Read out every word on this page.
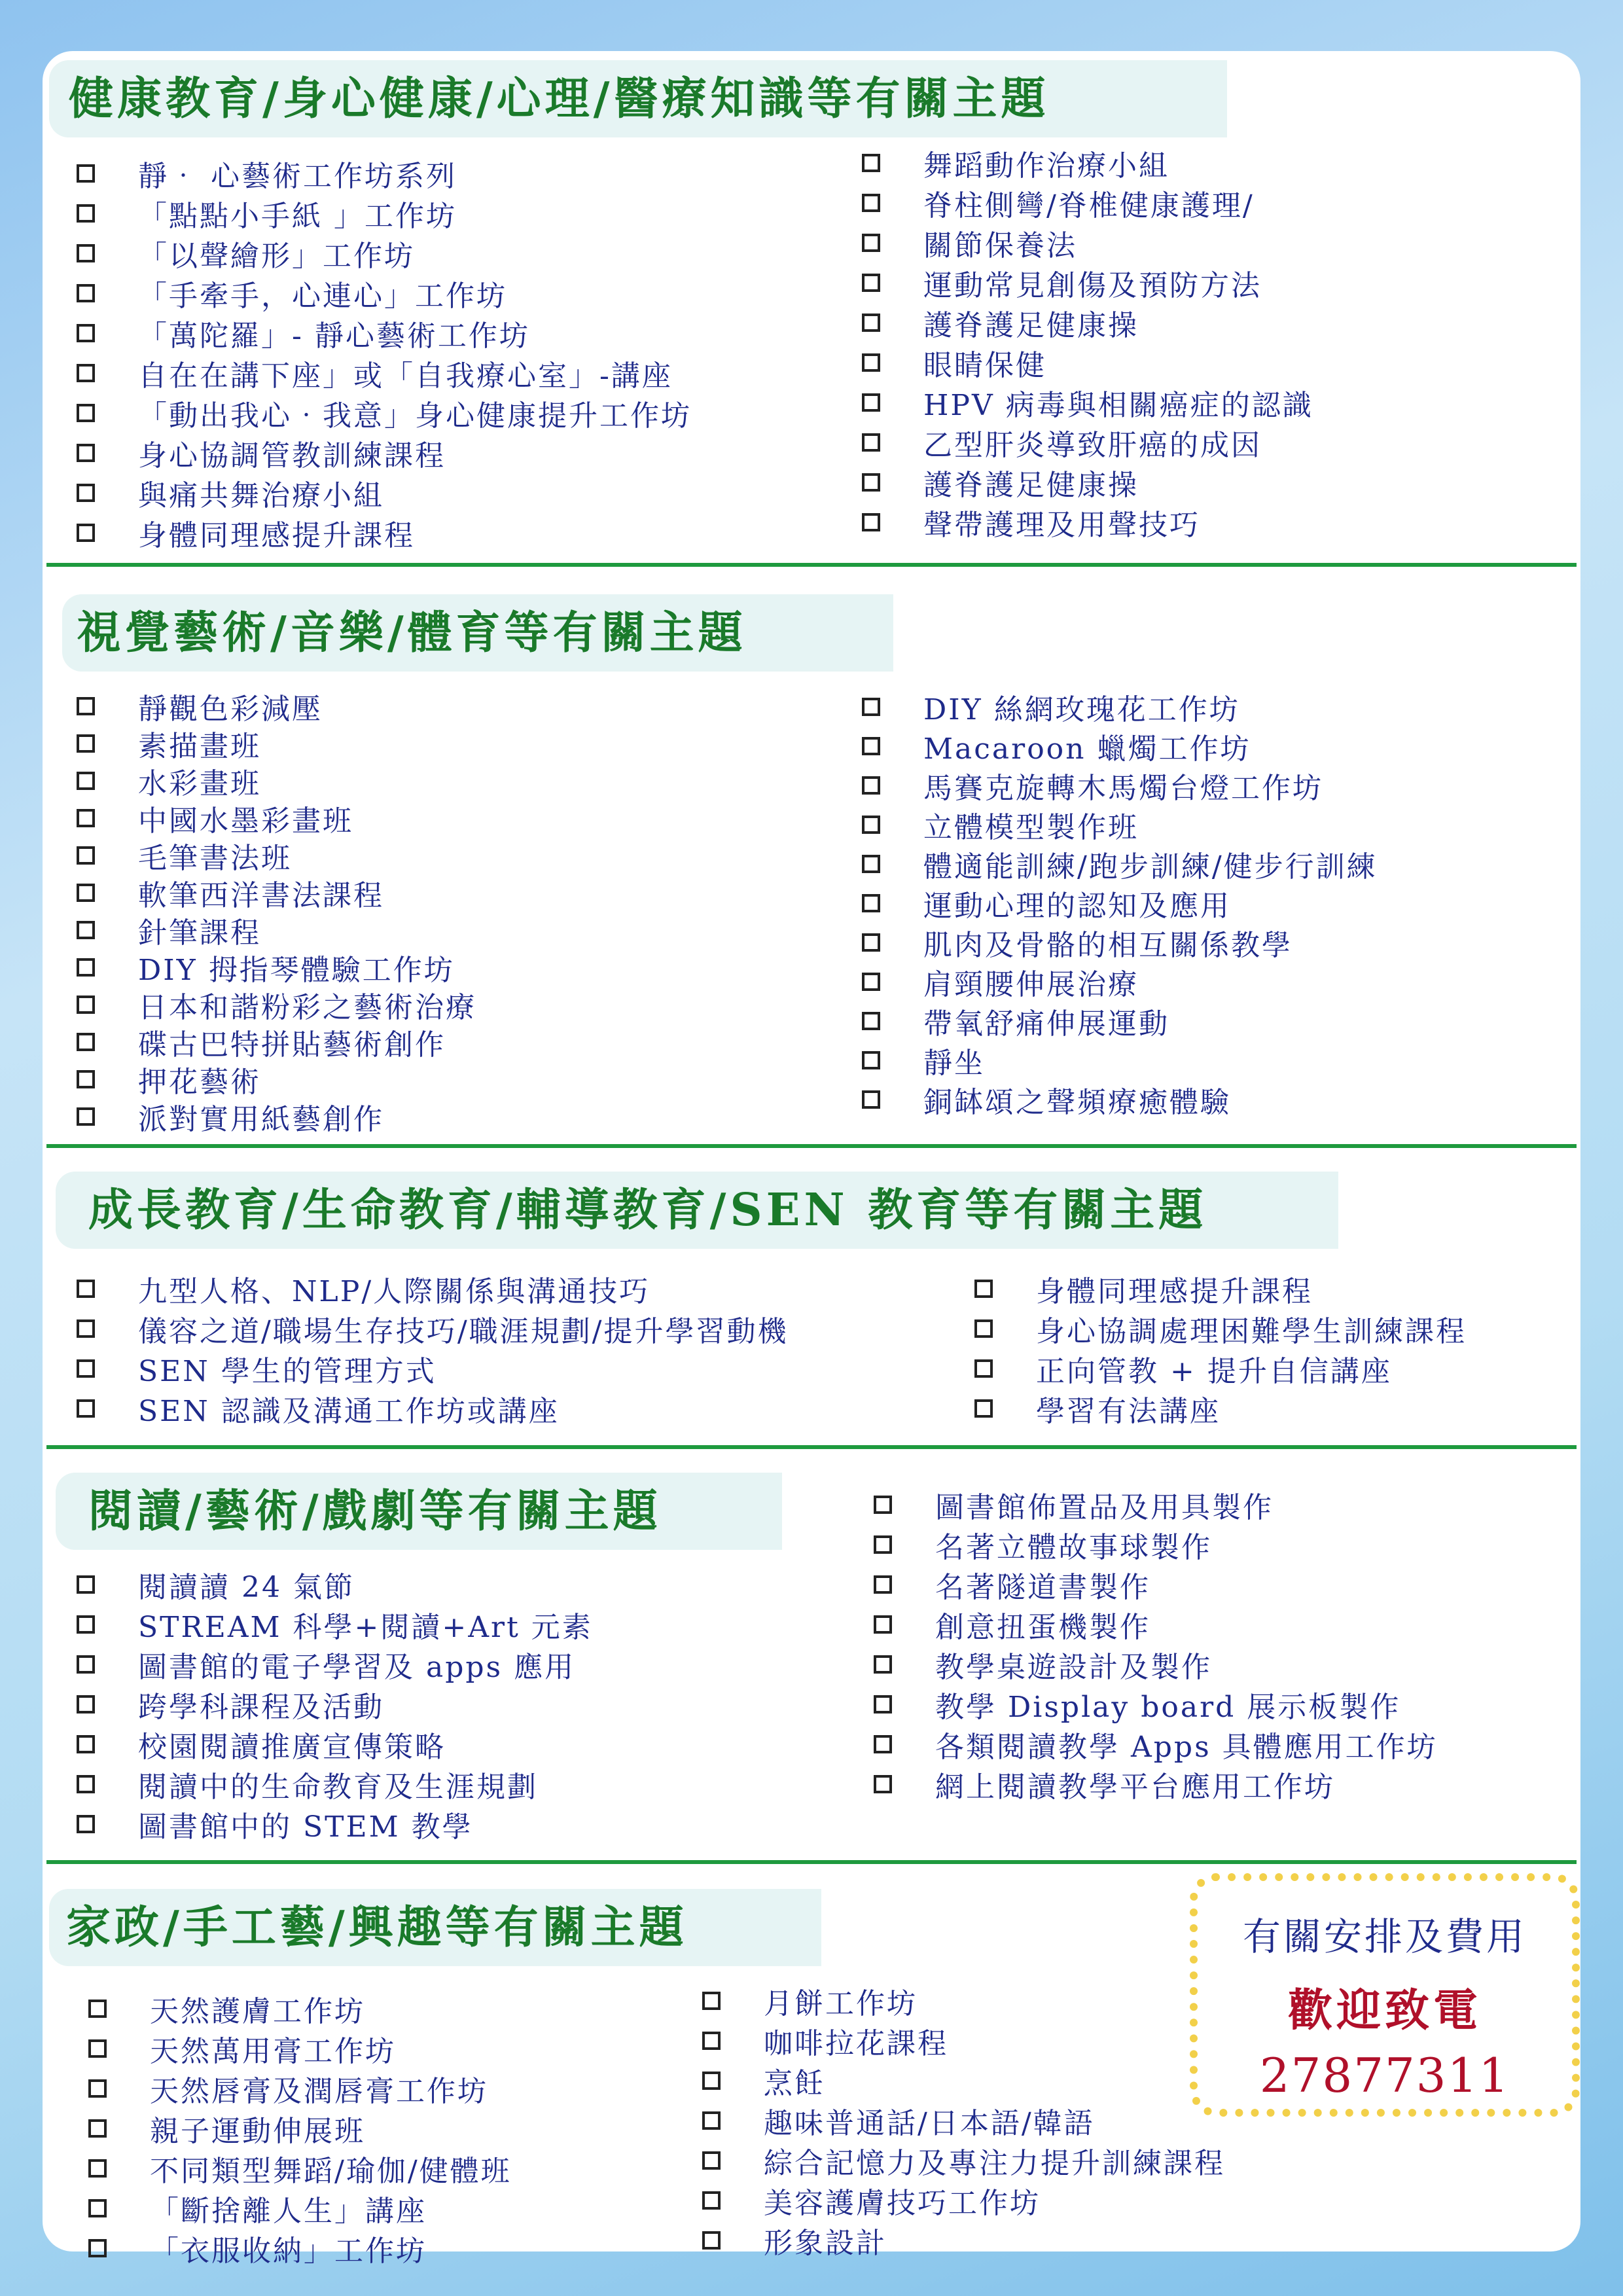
健康教育/身心健康/心理/醫療知識等有關主題
靜‧ 心藝術工作坊系列
「點點小手紙 」工作坊
「以聲繪形」工作坊
「手牽手，心連心」工作坊
「萬陀羅」- 靜心藝術工作坊
自在在講下座」或「自我療心室」-講座
「動出我心‧我意」身心健康提升工作坊
身心協調管教訓練課程
與痛共舞治療小組
身體同理感提升課程
舞蹈動作治療小組
脊柱側彎/脊椎健康護理/
關節保養法
運動常見創傷及預防方法
護脊護足健康操
眼睛保健
HPV 病毒與相關癌症的認識
乙型肝炎導致肝癌的成因
護脊護足健康操
聲帶護理及用聲技巧
視覺藝術/音樂/體育等有關主題
靜觀色彩減壓
素描畫班
水彩畫班
中國水墨彩畫班
毛筆書法班
軟筆西洋書法課程
針筆課程
DIY 拇指琴體驗工作坊
日本和諧粉彩之藝術治療
碟古巴特拼貼藝術創作
押花藝術
派對實用紙藝創作
DIY 絲網玫瑰花工作坊
Macaroon 蠟燭工作坊
馬賽克旋轉木馬燭台燈工作坊
立體模型製作班
體適能訓練/跑步訓練/健步行訓練
運動心理的認知及應用
肌肉及骨骼的相互關係教學
肩頸腰伸展治療
帶氧舒痛伸展運動
靜坐
銅缽頌之聲頻療癒體驗
成長教育/生命教育/輔導教育/SEN 教育等有關主題
九型人格、NLP/人際關係與溝通技巧
儀容之道/職場生存技巧/職涯規劃/提升學習動機
SEN 學生的管理方式
SEN 認識及溝通工作坊或講座
身體同理感提升課程
身心協調處理困難學生訓練課程
正向管教 + 提升自信講座
學習有法講座
閱讀/藝術/戲劇等有關主題
閱讀讀 24 氣節
STREAM 科學+閱讀+Art 元素
圖書館的電子學習及 apps 應用
跨學科課程及活動
校園閱讀推廣宣傳策略
閱讀中的生命教育及生涯規劃
圖書館中的 STEM 教學
圖書館佈置品及用具製作
名著立體故事球製作
名著隧道書製作
創意扭蛋機製作
教學桌遊設計及製作
教學 Display board 展示板製作
各類閱讀教學 Apps 具體應用工作坊
網上閱讀教學平台應用工作坊
家政/手工藝/興趣等有關主題
天然護膚工作坊
天然萬用膏工作坊
天然唇膏及潤唇膏工作坊
親子運動伸展班
不同類型舞蹈/瑜伽/健體班
「斷捨離人生」講座
「衣服收納」工作坊
月餅工作坊
咖啡拉花課程
烹飪
趣味普通話/日本語/韓語
綜合記憶力及專注力提升訓練課程
美容護膚技巧工作坊
形象設計
有關安排及費用
歡迎致電
27877311
